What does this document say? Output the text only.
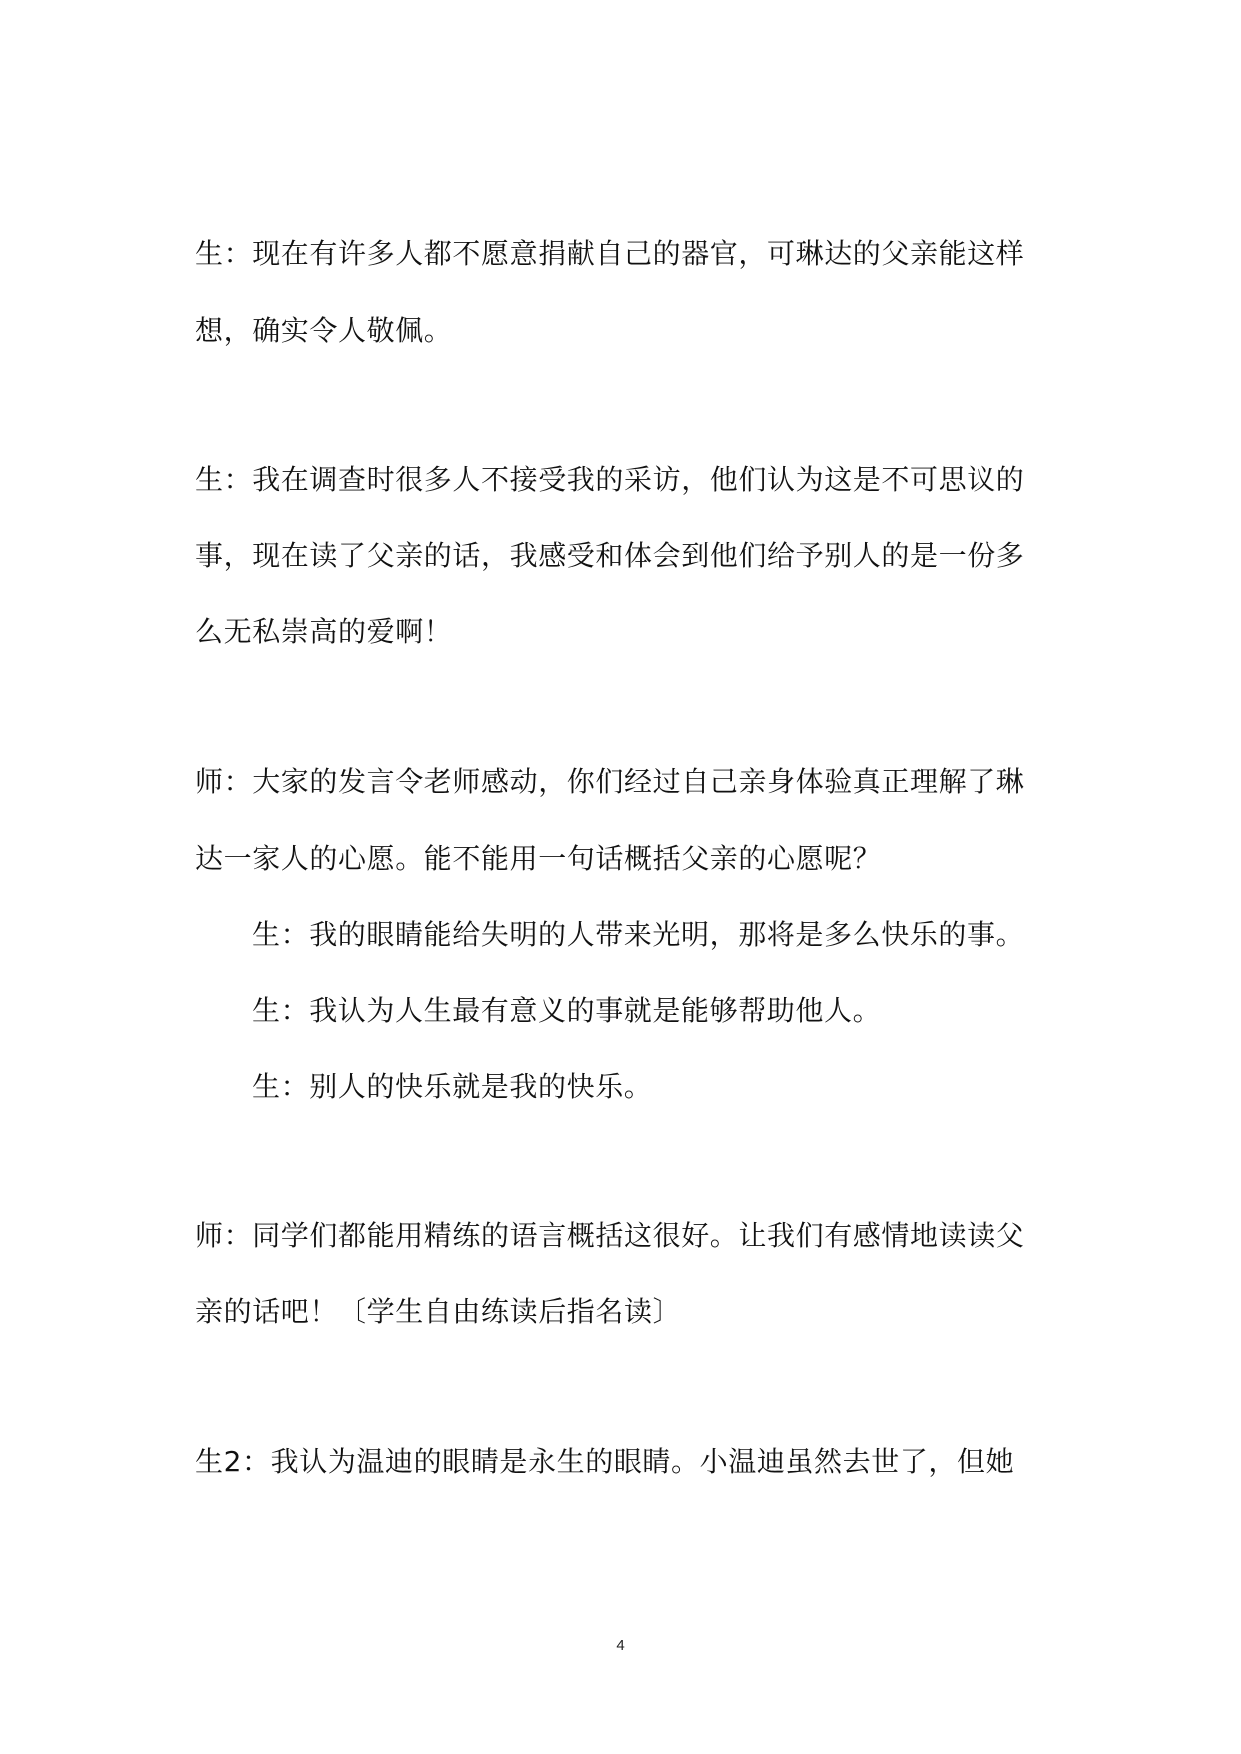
生：现在有许多人都不愿意捐献自己的器官，可琳达的父亲能这样
想，确实令人敬佩。
生：我在调查时很多人不接受我的采访，他们认为这是不可思议的
事，现在读了父亲的话，我感受和体会到他们给予别人的是一份多
么无私崇高的爱啊！
师：大家的发言令老师感动，你们经过自己亲身体验真正理解了琳
达一家人的心愿。能不能用一句话概括父亲的心愿呢？
生：我的眼睛能给失明的人带来光明，那将是多么快乐的事。
生：我认为人生最有意义的事就是能够帮助他人。
生：别人的快乐就是我的快乐。
师：同学们都能用精练的语言概括这很好。让我们有感情地读读父
亲的话吧！〔学生自由练读后指名读〕
生2：我认为温迪的眼睛是永生的眼睛。小温迪虽然去世了，但她
4
